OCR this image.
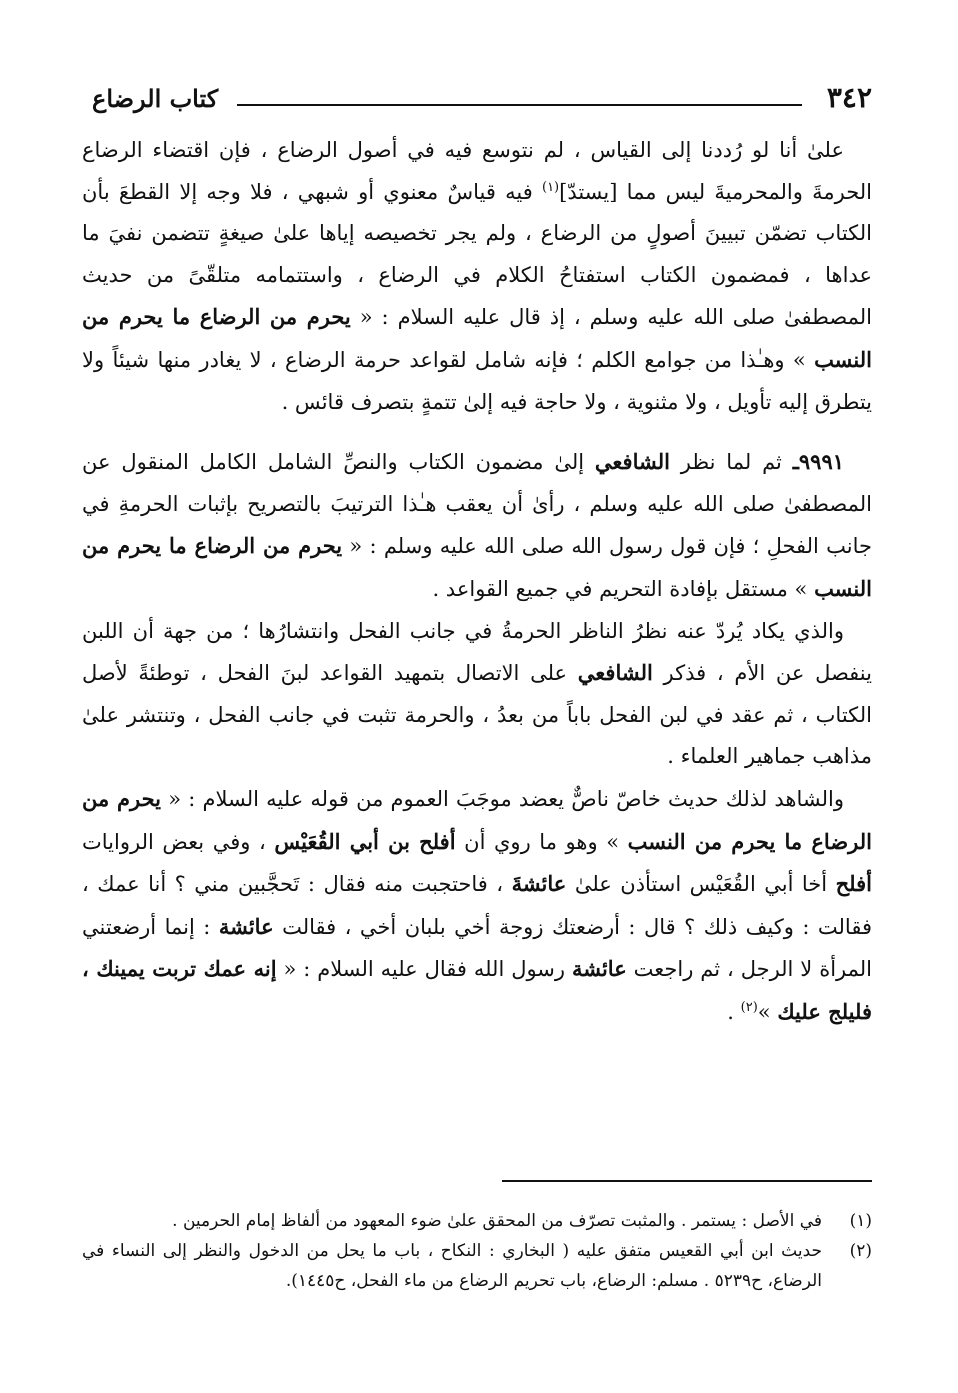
٣٤٢
كتاب الرضاع

علىٰ أنا لو رُددنا إلى القياس ، لم نتوسع فيه في أصول الرضاع ، فإن اقتضاء الرضاع الحرمةَ والمحرميةَ ليس مما [يستدّ]$^{(١)}$ فيه قياسٌ معنوي أو شبهي ، فلا وجه إلا القطعَ بأن الكتاب تضمّن تبيينَ أصولٍ من الرضاع ، ولم يجر تخصيصه إياها علىٰ صيغةٍ تتضمن نفيَ ما عداها ، فمضمون الكتاب استفتاحُ الكلام في الرضاع ، واستتمامه متلقّىً من حديث المصطفىٰ صلى الله عليه وسلم ، إذ قال عليه السلام : « يحرم من الرضاع ما يحرم من النسب » وهـٰذا من جوامع الكلم ؛ فإنه شامل لقواعد حرمة الرضاع ، لا يغادر منها شيئاً ولا يتطرق إليه تأويل ، ولا مثنوية ، ولا حاجة فيه إلىٰ تتمةٍ بتصرف قائس .

٩٩٩١ـ ثم لما نظر الشافعي إلىٰ مضمون الكتاب والنصِّ الشامل الكامل المنقول عن المصطفىٰ صلى الله عليه وسلم ، رأىٰ أن يعقب هـٰذا الترتيبَ بالتصريح بإثبات الحرمةِ في جانب الفحلِ ؛ فإن قول رسول الله صلى الله عليه وسلم : « يحرم من الرضاع ما يحرم من النسب » مستقل بإفادة التحريم في جميع القواعد .

والذي يكاد يُردّ عنه نظرُ الناظر الحرمةُ في جانب الفحل وانتشارُها ؛ من جهة أن اللبن ينفصل عن الأم ، فذكر الشافعي على الاتصال بتمهيد القواعد لبنَ الفحل ، توطئةً لأصل الكتاب ، ثم عقد في لبن الفحل باباً من بعدُ ، والحرمة تثبت في جانب الفحل ، وتنتشر علىٰ مذاهب جماهير العلماء .

والشاهد لذلك حديث خاصّ ناصٌّ يعضد موجَبَ العموم من قوله عليه السلام : « يحرم من الرضاع ما يحرم من النسب » وهو ما روي أن أفلح بن أبي القُعَيْس ، وفي بعض الروايات أفلح أخا أبي القُعَيْس استأذن علىٰ عائشةَ ، فاحتجبت منه فقال : تَحجَّبين مني ؟ أنا عمك ، فقالت : وكيف ذلك ؟ قال : أرضعتك زوجة أخي بلبان أخي ، فقالت عائشة : إنما أرضعتني المرأة لا الرجل ، ثم راجعت عائشة رسول الله فقال عليه السلام : « إنه عمك تربت يمينك ، فليلج عليك »$^{(٢)}$ .

(١)
في الأصل : يستمر . والمثبت تصرّف من المحقق علىٰ ضوء المعهود من ألفاظ إمام الحرمين .
(٢)
حديث ابن أبي القعيس متفق عليه ( البخاري : النكاح ، باب ما يحل من الدخول والنظر إلى النساء في الرضاع، ح٥٢٣٩ . مسلم: الرضاع، باب تحريم الرضاع من ماء الفحل، ح١٤٤٥).
